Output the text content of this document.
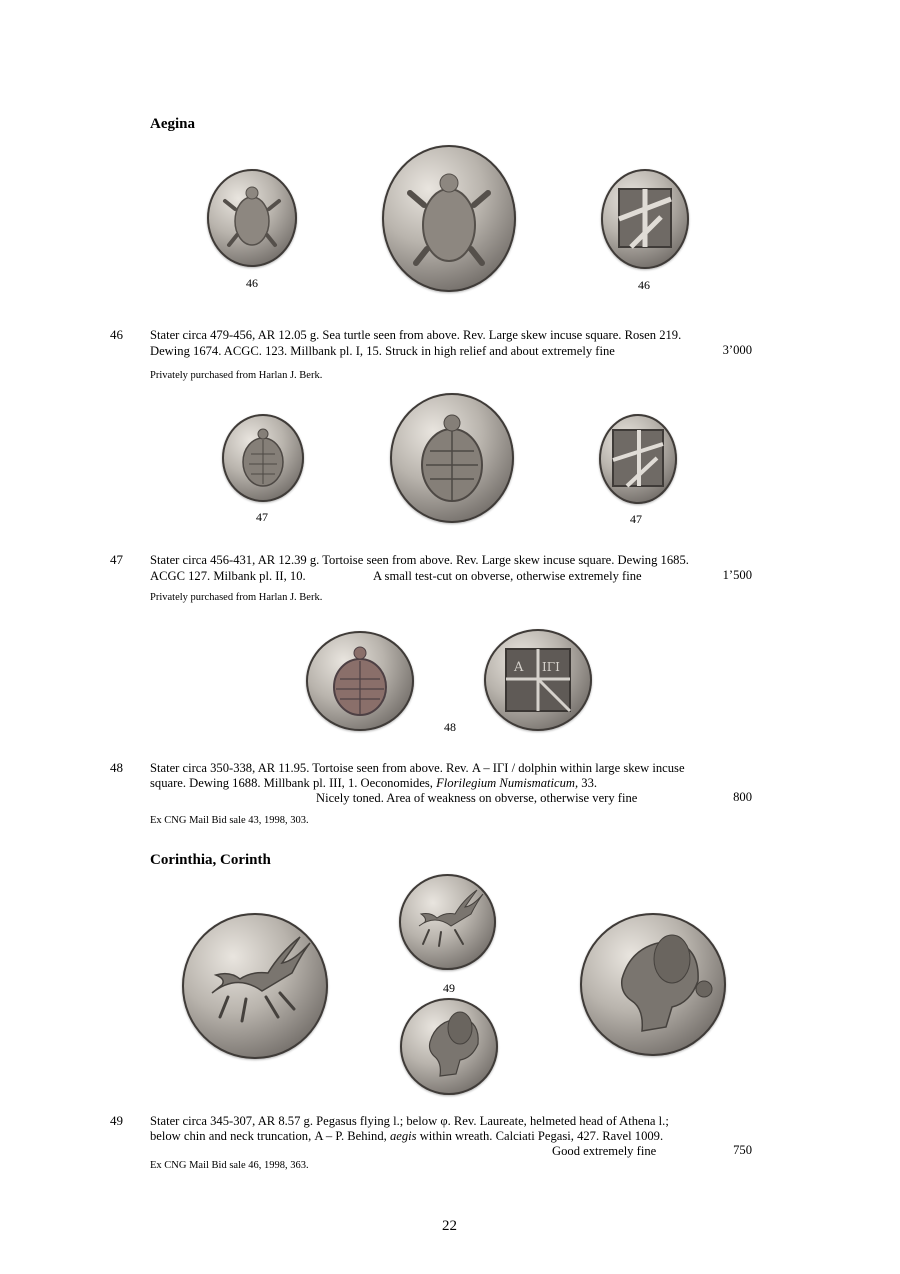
Aegina
46	46
46 Stater circa 479-456, AR 12.05 g. Sea turtle seen from above. Rev. Large skew incuse square. Rosen 219.
Dewing 1674. ACGC. 123. Millbank pl. I, 15. Struck in high relief and about extremely fine	3’000
Privately purchased from Harlan J. Berk.
47	47
47 Stater circa 456-431, AR 12.39 g. Tortoise seen from above. Rev. Large skew incuse square. Dewing 1685.
ACGC 127. Milbank pl. II, 10.	A small test-cut on obverse, otherwise extremely fine	1’500
Privately purchased from Harlan J. Berk.
Α ΙΓΙ
48
48 Stater circa 350-338, AR 11.95. Tortoise seen from above. Rev. Α – ΙΓΙ / dolphin within large skew incuse
square. Dewing 1688. Millbank pl. III, 1. Oeconomides, Florilegium Numismaticum, 33.
Nicely toned. Area of weakness on obverse, otherwise very fine	800
Ex CNG Mail Bid sale 43, 1998, 303.
Corinthia, Corinth
49
49 Stater circa 345-307, AR 8.57 g. Pegasus flying l.; below φ. Rev. Laureate, helmeted head of Athena l.;
below chin and neck truncation, Α – Ρ. Behind, aegis within wreath. Calciati Pegasi, 427. Ravel 1009.
Good extremely fine	750
Ex CNG Mail Bid sale 46, 1998, 363.
22
